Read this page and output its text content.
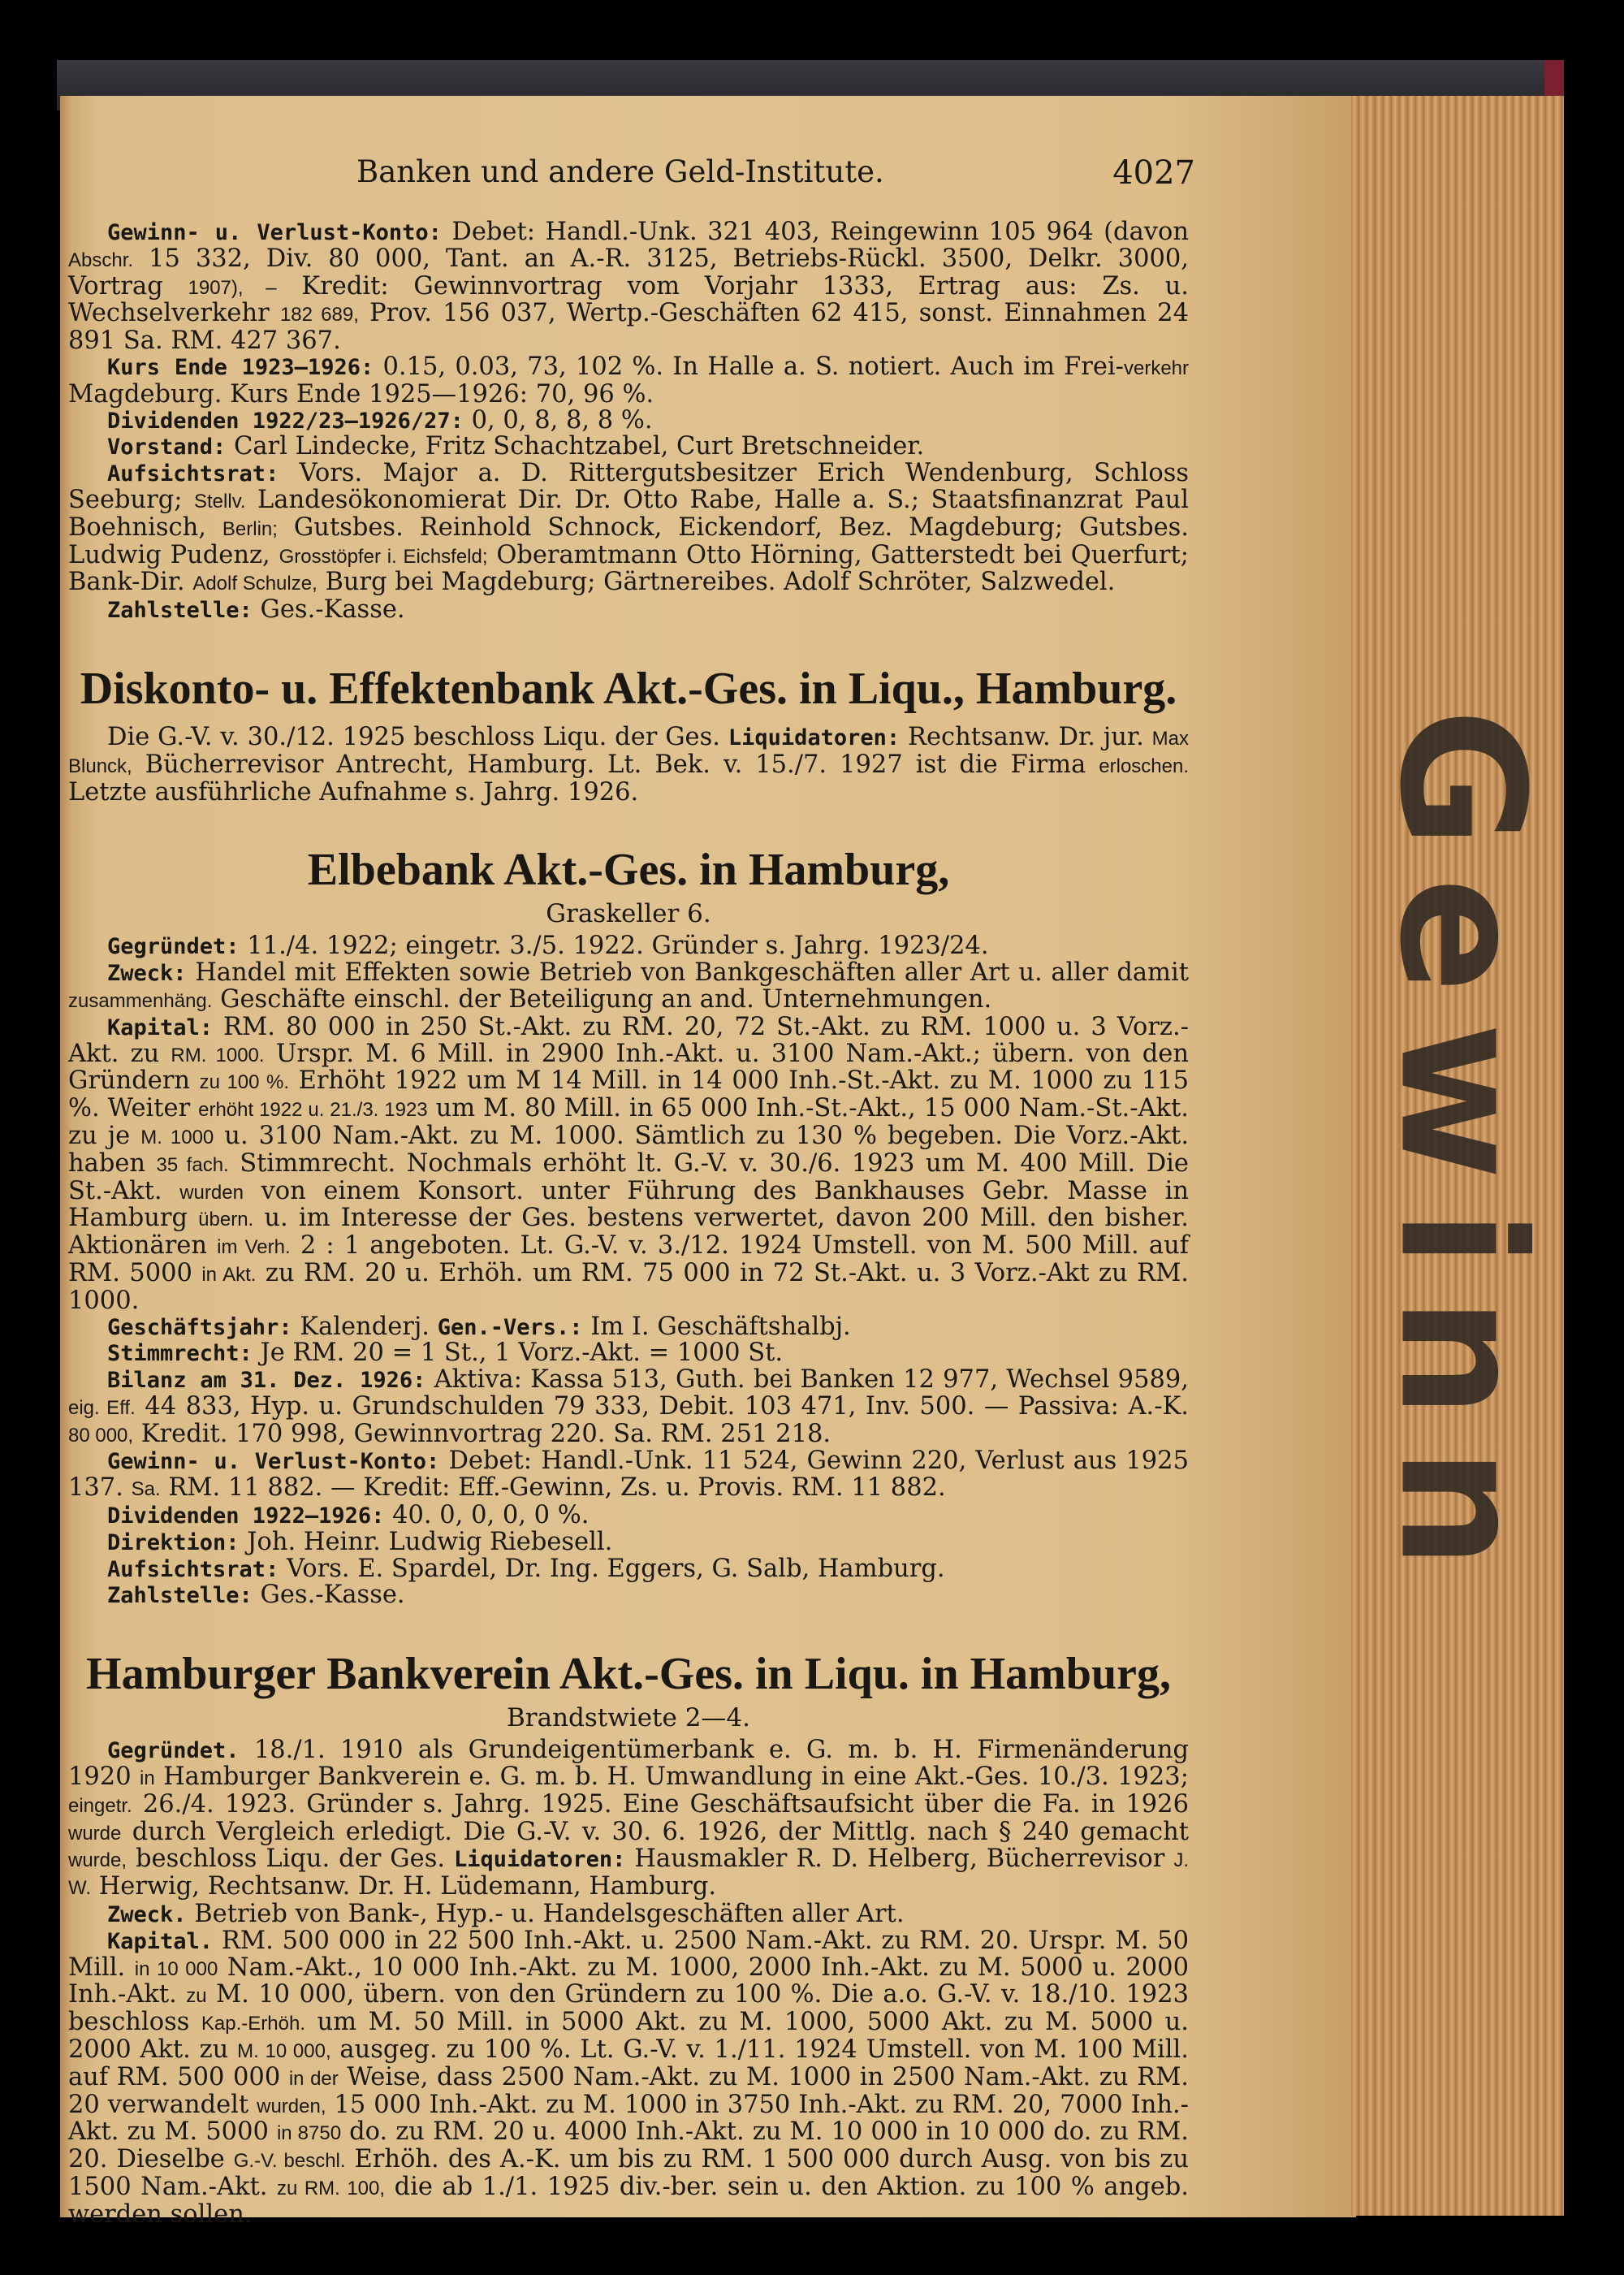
Gewinn
Banken und andere Geld-Institute.	4027

Gewinn- u. Verlust-Konto: Debet: Handl.-Unk. 321 403, Reingewinn 105 964 (davon Abschr. 15 332, Div. 80 000, Tant. an A.-R. 3125, Betriebs-Rückl. 3500, Delkr. 3000, Vortrag 1907), – Kredit: Gewinnvortrag vom Vorjahr 1333, Ertrag aus: Zs. u. Wechselverkehr 182 689, Prov. 156 037, Wertp.-Geschäften 62 415, sonst. Einnahmen 24 891 Sa. RM. 427 367.

Kurs Ende 1923—1926: 0.15, 0.03, 73, 102 %. In Halle a. S. notiert. Auch im Frei-verkehr Magdeburg. Kurs Ende 1925—1926: 70, 96 %.

Dividenden 1922/23—1926/27: 0, 0, 8, 8, 8 %.

Vorstand: Carl Lindecke, Fritz Schachtzabel, Curt Bretschneider.

Aufsichtsrat: Vors. Major a. D. Rittergutsbesitzer Erich Wendenburg, Schloss Seeburg; Stellv. Landesökonomierat Dir. Dr. Otto Rabe, Halle a. S.; Staatsfinanzrat Paul Boehnisch, Berlin; Gutsbes. Reinhold Schnock, Eickendorf, Bez. Magdeburg; Gutsbes. Ludwig Pudenz, Grosstöpfer i. Eichsfeld; Oberamtmann Otto Hörning, Gatterstedt bei Querfurt; Bank-Dir. Adolf Schulze, Burg bei Magdeburg; Gärtnereibes. Adolf Schröter, Salzwedel.

Zahlstelle: Ges.-Kasse.

Diskonto- u. Effektenbank Akt.-Ges. in Liqu., Hamburg.

Die G.-V. v. 30./12. 1925 beschloss Liqu. der Ges. Liquidatoren: Rechtsanw. Dr. jur. Max Blunck, Bücherrevisor Antrecht, Hamburg. Lt. Bek. v. 15./7. 1927 ist die Firma erloschen. Letzte ausführliche Aufnahme s. Jahrg. 1926.

Elbebank Akt.-Ges. in Hamburg,
Graskeller 6.

Gegründet: 11./4. 1922; eingetr. 3./5. 1922. Gründer s. Jahrg. 1923/24.

Zweck: Handel mit Effekten sowie Betrieb von Bankgeschäften aller Art u. aller damit zusammenhäng. Geschäfte einschl. der Beteiligung an and. Unternehmungen.

Kapital: RM. 80 000 in 250 St.-Akt. zu RM. 20, 72 St.-Akt. zu RM. 1000 u. 3 Vorz.-Akt. zu RM. 1000. Urspr. M. 6 Mill. in 2900 Inh.-Akt. u. 3100 Nam.-Akt.; übern. von den Gründern zu 100 %. Erhöht 1922 um M 14 Mill. in 14 000 Inh.-St.-Akt. zu M. 1000 zu 115 %. Weiter erhöht 1922 u. 21./3. 1923 um M. 80 Mill. in 65 000 Inh.-St.-Akt., 15 000 Nam.-St.-Akt. zu je M. 1000 u. 3100 Nam.-Akt. zu M. 1000. Sämtlich zu 130 % begeben. Die Vorz.-Akt. haben 35 fach. Stimmrecht. Nochmals erhöht lt. G.-V. v. 30./6. 1923 um M. 400 Mill. Die St.-Akt. wurden von einem Konsort. unter Führung des Bankhauses Gebr. Masse in Hamburg übern. u. im Interesse der Ges. bestens verwertet, davon 200 Mill. den bisher. Aktionären im Verh. 2 : 1 angeboten. Lt. G.-V. v. 3./12. 1924 Umstell. von M. 500 Mill. auf RM. 5000 in Akt. zu RM. 20 u. Erhöh. um RM. 75 000 in 72 St.-Akt. u. 3 Vorz.-Akt zu RM. 1000.

Geschäftsjahr: Kalenderj. Gen.-Vers.: Im I. Geschäftshalbj.

Stimmrecht: Je RM. 20 = 1 St., 1 Vorz.-Akt. = 1000 St.

Bilanz am 31. Dez. 1926: Aktiva: Kassa 513, Guth. bei Banken 12 977, Wechsel 9589, eig. Eff. 44 833, Hyp. u. Grundschulden 79 333, Debit. 103 471, Inv. 500. — Passiva: A.-K. 80 000, Kredit. 170 998, Gewinnvortrag 220. Sa. RM. 251 218.

Gewinn- u. Verlust-Konto: Debet: Handl.-Unk. 11 524, Gewinn 220, Verlust aus 1925 137. Sa. RM. 11 882. — Kredit: Eff.-Gewinn, Zs. u. Provis. RM. 11 882.

Dividenden 1922—1926: 40. 0, 0, 0, 0 %.

Direktion: Joh. Heinr. Ludwig Riebesell.

Aufsichtsrat: Vors. E. Spardel, Dr. Ing. Eggers, G. Salb, Hamburg.

Zahlstelle: Ges.-Kasse.

Hamburger Bankverein Akt.-Ges. in Liqu. in Hamburg,
Brandstwiete 2—4.

Gegründet. 18./1. 1910 als Grundeigentümerbank e. G. m. b. H. Firmenänderung 1920 in Hamburger Bankverein e. G. m. b. H. Umwandlung in eine Akt.-Ges. 10./3. 1923; eingetr. 26./4. 1923. Gründer s. Jahrg. 1925. Eine Geschäftsaufsicht über die Fa. in 1926 wurde durch Vergleich erledigt. Die G.-V. v. 30. 6. 1926, der Mittlg. nach § 240 gemacht wurde, beschloss Liqu. der Ges. Liquidatoren: Hausmakler R. D. Helberg, Bücherrevisor J. W. Herwig, Rechtsanw. Dr. H. Lüdemann, Hamburg.

Zweck. Betrieb von Bank-, Hyp.- u. Handelsgeschäften aller Art.

Kapital. RM. 500 000 in 22 500 Inh.-Akt. u. 2500 Nam.-Akt. zu RM. 20. Urspr. M. 50 Mill. in 10 000 Nam.-Akt., 10 000 Inh.-Akt. zu M. 1000, 2000 Inh.-Akt. zu M. 5000 u. 2000 Inh.-Akt. zu M. 10 000, übern. von den Gründern zu 100 %. Die a.o. G.-V. v. 18./10. 1923 beschloss Kap.-Erhöh. um M. 50 Mill. in 5000 Akt. zu M. 1000, 5000 Akt. zu M. 5000 u. 2000 Akt. zu M. 10 000, ausgeg. zu 100 %. Lt. G.-V. v. 1./11. 1924 Umstell. von M. 100 Mill. auf RM. 500 000 in der Weise, dass 2500 Nam.-Akt. zu M. 1000 in 2500 Nam.-Akt. zu RM. 20 verwandelt wurden, 15 000 Inh.-Akt. zu M. 1000 in 3750 Inh.-Akt. zu RM. 20, 7000 Inh.-Akt. zu M. 5000 in 8750 do. zu RM. 20 u. 4000 Inh.-Akt. zu M. 10 000 in 10 000 do. zu RM. 20. Dieselbe G.-V. beschl. Erhöh. des A.-K. um bis zu RM. 1 500 000 durch Ausg. von bis zu 1500 Nam.-Akt. zu RM. 100, die ab 1./1. 1925 div.-ber. sein u. den Aktion. zu 100 % angeb. werden sollen.
